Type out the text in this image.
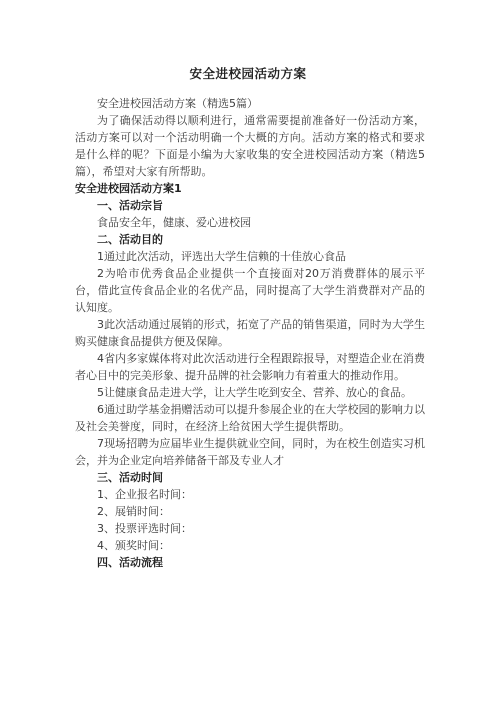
安全进校园活动方案

安全进校园活动方案（精选5篇）

为了确保活动得以顺利进行，通常需要提前准备好一份活动方案，活动方案可以对一个活动明确一个大概的方向。活动方案的格式和要求是什么样的呢？下面是小编为大家收集的安全进校园活动方案（精选5篇），希望对大家有所帮助。

安全进校园活动方案1

一、活动宗旨

食品安全年，健康、爱心进校园

二、活动目的

1通过此次活动，评选出大学生信赖的十佳放心食品

2为哈市优秀食品企业提供一个直接面对20万消费群体的展示平台，借此宣传食品企业的名优产品，同时提高了大学生消费群对产品的认知度。

3此次活动通过展销的形式，拓宽了产品的销售渠道，同时为大学生购买健康食品提供方便及保障。

4省内多家媒体将对此次活动进行全程跟踪报导，对塑造企业在消费者心目中的完美形象、提升品牌的社会影响力有着重大的推动作用。

5让健康食品走进大学，让大学生吃到安全、营养、放心的食品。

6通过助学基金捐赠活动可以提升参展企业的在大学校园的影响力以及社会美誉度，同时，在经济上给贫困大学生提供帮助。

7现场招聘为应届毕业生提供就业空间，同时，为在校生创造实习机会，并为企业定向培养储备干部及专业人才

三、活动时间

1、企业报名时间：

2、展销时间：

3、投票评选时间：

4、颁奖时间：

四、活动流程
